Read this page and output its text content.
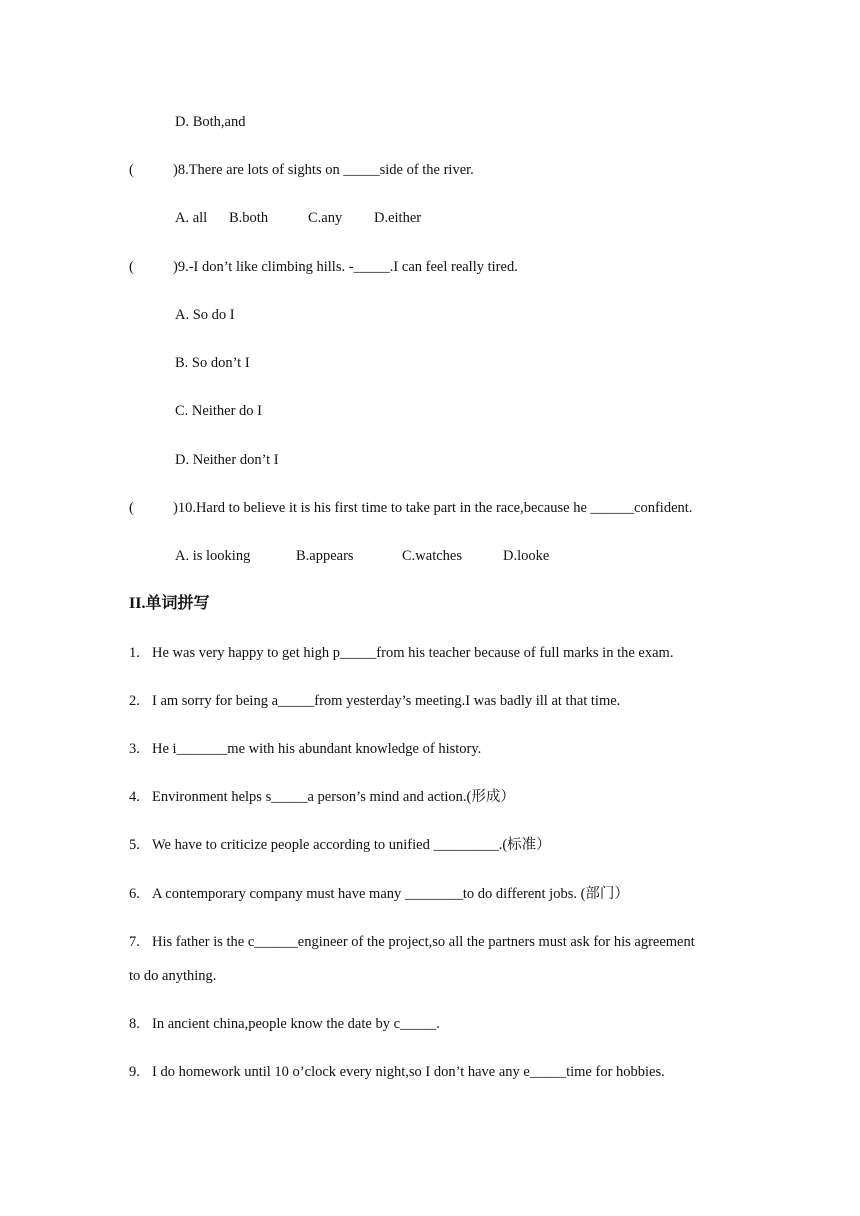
D. Both,and
(	)8.There are lots of sights on _____side of the river.
A. all B.both	C.any D.either
(	)9.-I don’t like climbing hills. -_____.I can feel really tired.
A. So do I
B. So don’t I
C. Neither do I
D. Neither don’t I
(	)10.Hard to believe it is his first time to take part in the race,because he ______confident.
A. is looking	B.appears	C.watches	D.looke
II.单词拼写
1. He was very happy to get high p_____from his teacher because of full marks in the exam.
2. I am sorry for being a_____from yesterday’s meeting.I was badly ill at that time.
3. He i_______me with his abundant knowledge of history.
4. Environment helps s_____a person’s mind and action.(形成）
5. We have to criticize people according to unified _________.(标准）
6. A contemporary company must have many ________to do different jobs. (部门）
7. His father is the c______engineer of the project,so all the partners must ask for his agreement
to do anything.
8. In ancient china,people know the date by c_____.
9. I do homework until 10 o’clock every night,so I don’t have any e_____time for hobbies.
